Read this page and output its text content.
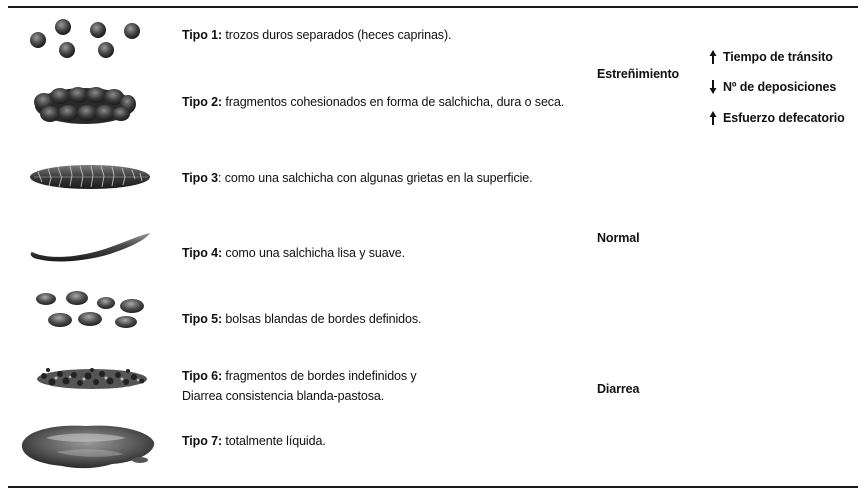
Tipo 1: trozos duros separados (heces caprinas).
Tipo 2: fragmentos cohesionados en forma de salchicha, dura o seca.
Tipo 3: como una salchicha con algunas grietas en la superficie.
Tipo 4: como una salchicha lisa y suave.
Tipo 5: bolsas blandas de bordes definidos.
Tipo 6: fragmentos de bordes indefinidos y
Diarrea consistencia blanda-pastosa.
Tipo 7: totalmente líquida.
Estreñimiento
Normal
Diarrea
Tiempo de tránsito
Nº de deposiciones
Esfuerzo defecatorio
